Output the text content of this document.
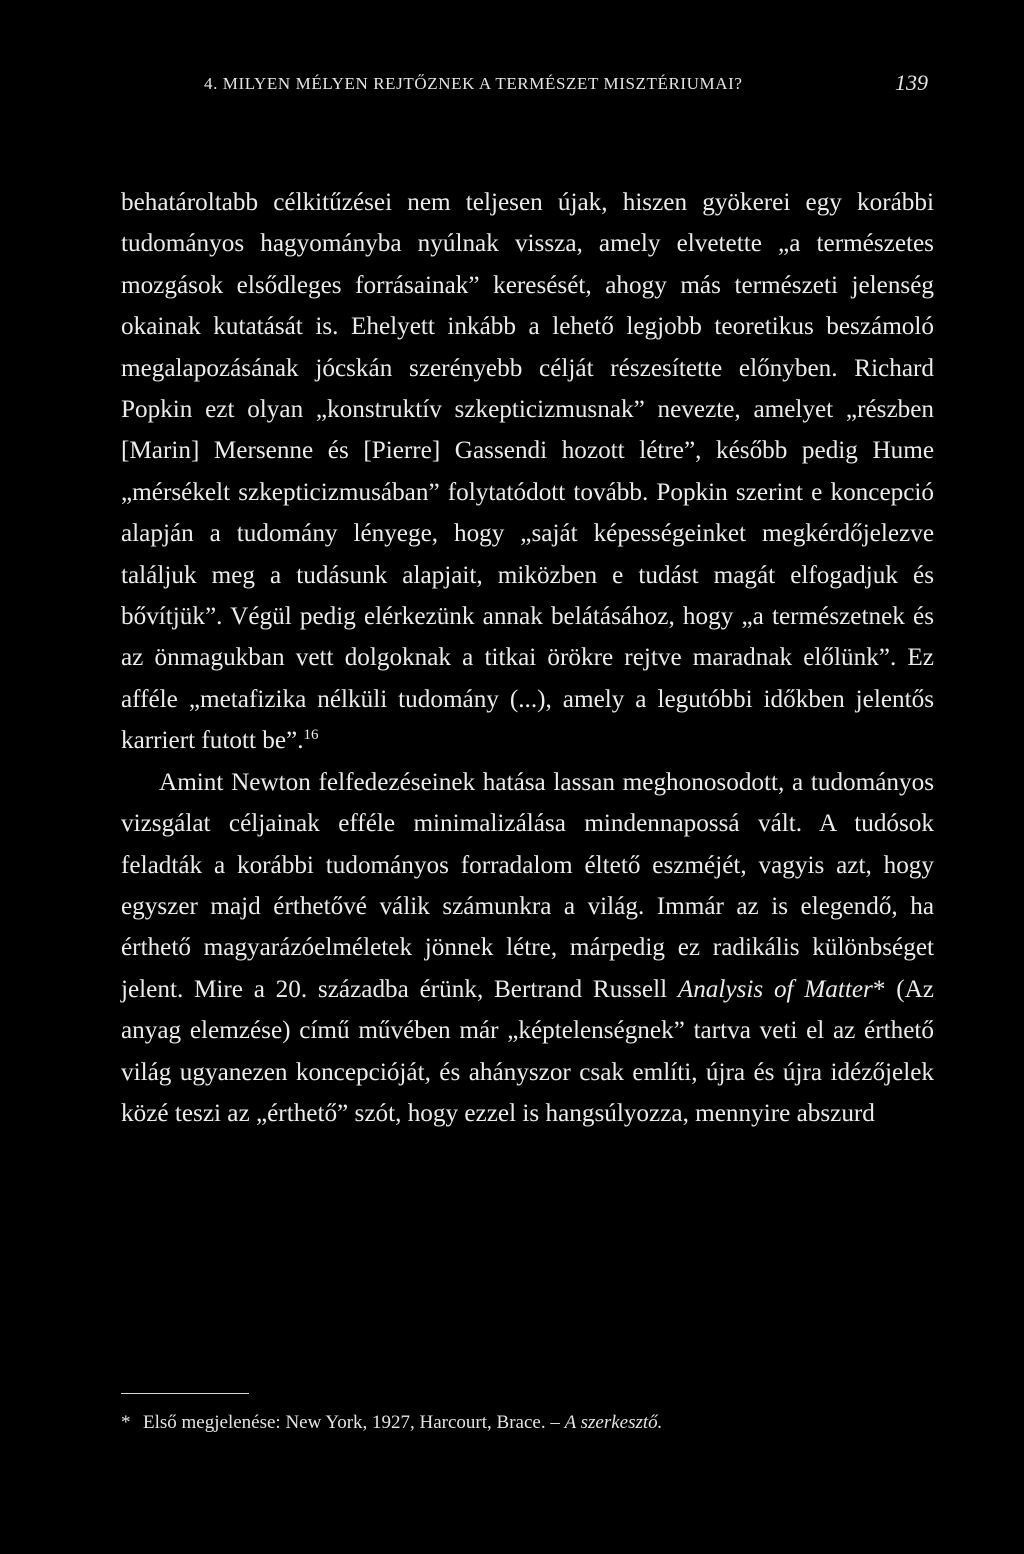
4. MILYEN MÉLYEN REJTŐZNEK A TERMÉSZET MISZTÉRIUMAI?	139

behatároltabb célkitűzései nem teljesen újak, hiszen gyökerei egy korábbi tudományos hagyományba nyúlnak vissza, amely elvetette „a természetes mozgások elsődleges forrásainak” keresését, ahogy más természeti jelenség okainak kutatását is. Ehelyett inkább a lehető legjobb teoretikus beszámoló megalapozásának jócskán szerényebb célját részesítette előnyben. Richard Popkin ezt olyan „konstruktív szkepticizmusnak” nevezte, amelyet „részben [Marin] Mersenne és [Pierre] Gassendi hozott létre”, később pedig Hume „mérsékelt szkepticizmusában” folytatódott tovább. Popkin szerint e koncepció alapján a tudomány lényege, hogy „saját képességeinket megkérdőjelezve találjuk meg a tudásunk alapjait, miközben e tudást magát elfogadjuk és bővítjük”. Végül pedig elérkezünk annak belátásához, hogy „a természetnek és az önmagukban vett dolgoknak a titkai örökre rejtve maradnak előlünk”. Ez afféle „metafizika nélküli tudomány (...), amely a legutóbbi időkben jelentős karriert futott be”.$^{16}$

Amint Newton felfedezéseinek hatása lassan meghonosodott, a tudományos vizsgálat céljainak efféle minimalizálása mindennapossá vált. A tudósok feladták a korábbi tudományos forradalom éltető eszméjét, vagyis azt, hogy egyszer majd érthetővé válik számunkra a világ. Immár az is elegendő, ha érthető magyarázóelméletek jönnek létre, márpedig ez radikális különbséget jelent. Mire a 20. századba érünk, Bertrand Russell Analysis of Matter* (Az anyag elemzése) című művében már „képtelenségnek” tartva veti el az érthető világ ugyanezen koncepcióját, és ahányszor csak említi, újra és újra idézőjelek közé teszi az „érthető” szót, hogy ezzel is hangsúlyozza, mennyire abszurd

* Első megjelenése: New York, 1927, Harcourt, Brace. – A szerkesztő.
